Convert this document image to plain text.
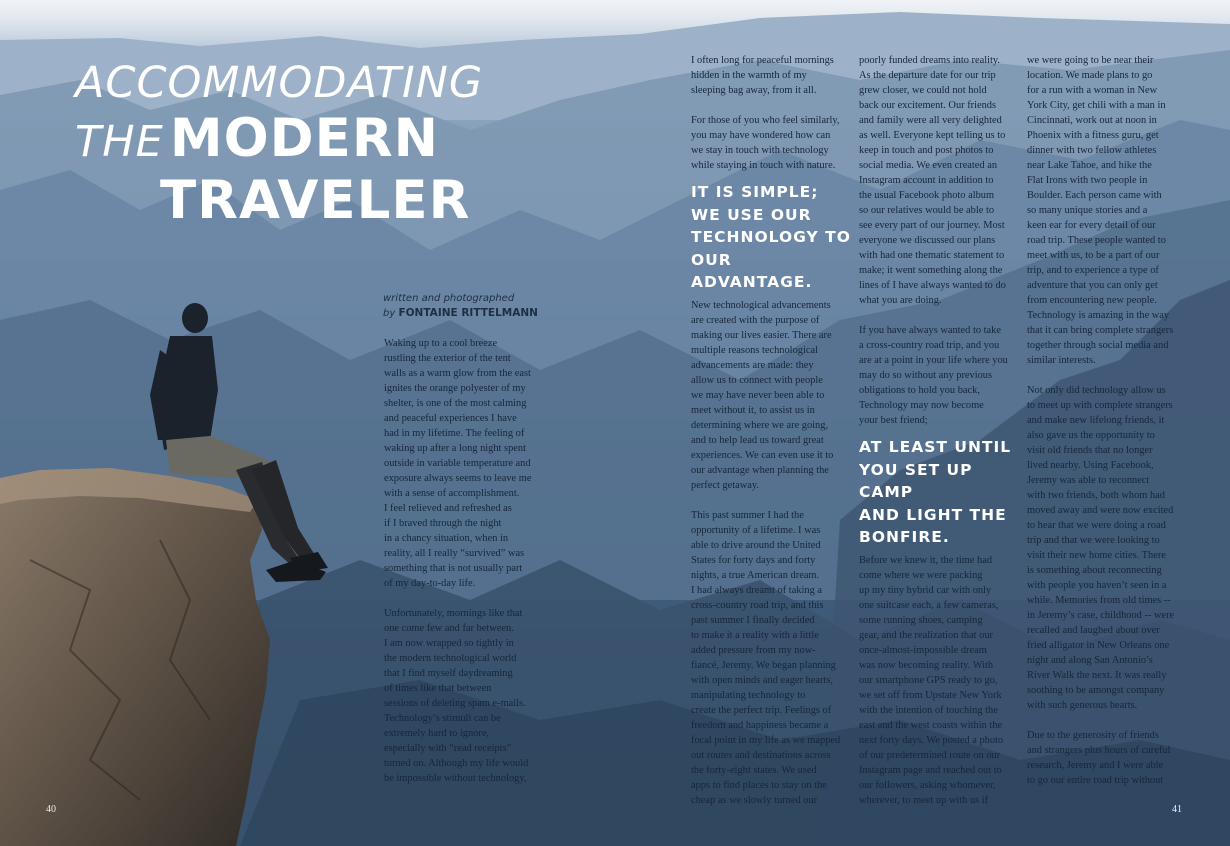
ACCOMMODATING
THE MODERN
TRAVELER
written and photographed
by FONTAINE RITTELMANN
Waking up to a cool breeze
rustling the exterior of the tent
walls as a warm glow from the east
ignites the orange polyester of my
shelter, is one of the most calming
and peaceful experiences I have
had in my lifetime. The feeling of
waking up after a long night spent
outside in variable temperature and
exposure always seems to leave me
with a sense of accomplishment.
I feel relieved and refreshed as
if I braved through the night
in a chancy situation, when in
reality, all I really “survived” was
something that is not usually part
of my day-to-day life.
Unfortunately, mornings like that
one come few and far between.
I am now wrapped so tightly in
the modern technological world
that I find myself daydreaming
of times like that between
sessions of deleting spam e-mails.
Technology’s stimuli can be
extremely hard to ignore,
especially with “read receipts”
turned on. Although my life would
be impossible without technology,
I often long for peaceful mornings
hidden in the warmth of my
sleeping bag away, from it all.
For those of you who feel similarly,
you may have wondered how can
we stay in touch with technology
while staying in touch with nature.
IT IS SIMPLE;
WE USE OUR
TECHNOLOGY TO
OUR ADVANTAGE.
New technological advancements
are created with the purpose of
making our lives easier. There are
multiple reasons technological
advancements are made: they
allow us to connect with people
we may have never been able to
meet without it, to assist us in
determining where we are going,
and to help lead us toward great
experiences. We can even use it to
our advantage when planning the
perfect getaway.
This past summer I had the
opportunity of a lifetime. I was
able to drive around the United
States for forty days and forty
nights, a true American dream.
I had always dreamt of taking a
cross-country road trip, and this
past summer I finally decided
to make it a reality with a little
added pressure from my now-
fiancé, Jeremy. We began planning
with open minds and eager hearts,
manipulating technology to
create the perfect trip. Feelings of
freedom and happiness became a
focal point in my life as we mapped
out routes and destinations across
the forty-eight states. We used
apps to find places to stay on the
cheap as we slowly turned our
poorly funded dreams into reality.
As the departure date for our trip
grew closer, we could not hold
back our excitement. Our friends
and family were all very delighted
as well. Everyone kept telling us to
keep in touch and post photos to
social media. We even created an
Instagram account in addition to
the usual Facebook photo album
so our relatives would be able to
see every part of our journey. Most
everyone we discussed our plans
with had one thematic statement to
make; it went something along the
lines of I have always wanted to do
what you are doing.
If you have always wanted to take
a cross-country road trip, and you
are at a point in your life where you
may do so without any previous
obligations to hold you back,
Technology may now become
your best friend;
AT LEAST UNTIL
YOU SET UP CAMP
AND LIGHT THE
BONFIRE.
Before we knew it, the time had
come where we were packing
up my tiny hybrid car with only
one suitcase each, a few cameras,
some running shoes, camping
gear, and the realization that our
once-almost-impossible dream
was now becoming reality. With
our smartphone GPS ready to go,
we set off from Upstate New York
with the intention of touching the
east and the west coasts within the
next forty days. We posted a photo
of our predetermined route on our
Instagram page and reached out to
our followers, asking whomever,
wherever, to meet up with us if
we were going to be near their
location. We made plans to go
for a run with a woman in New
York City, get chili with a man in
Cincinnati, work out at noon in
Phoenix with a fitness guru, get
dinner with two fellow athletes
near Lake Tahoe, and hike the
Flat Irons with two people in
Boulder. Each person came with
so many unique stories and a
keen ear for every detail of our
road trip. These people wanted to
meet with us, to be a part of our
trip, and to experience a type of
adventure that you can only get
from encountering new people.
Technology is amazing in the way
that it can bring complete strangers
together through social media and
similar interests.
Not only did technology allow us
to meet up with complete strangers
and make new lifelong friends, it
also gave us the opportunity to
visit old friends that no longer
lived nearby. Using Facebook,
Jeremy was able to reconnect
with two friends, both whom had
moved away and were now excited
to hear that we were doing a road
trip and that we were looking to
visit their new home cities. There
is something about reconnecting
with people you haven’t seen in a
while. Memories from old times --
in Jeremy’s case, childhood -- were
recalled and laughed about over
fried alligator in New Orleans one
night and along San Antonio’s
River Walk the next. It was really
soothing to be amongst company
with such generous hearts.
Due to the generosity of friends
and strangers plus hours of careful
research, Jeremy and I were able
to go our entire road trip without
40	41
